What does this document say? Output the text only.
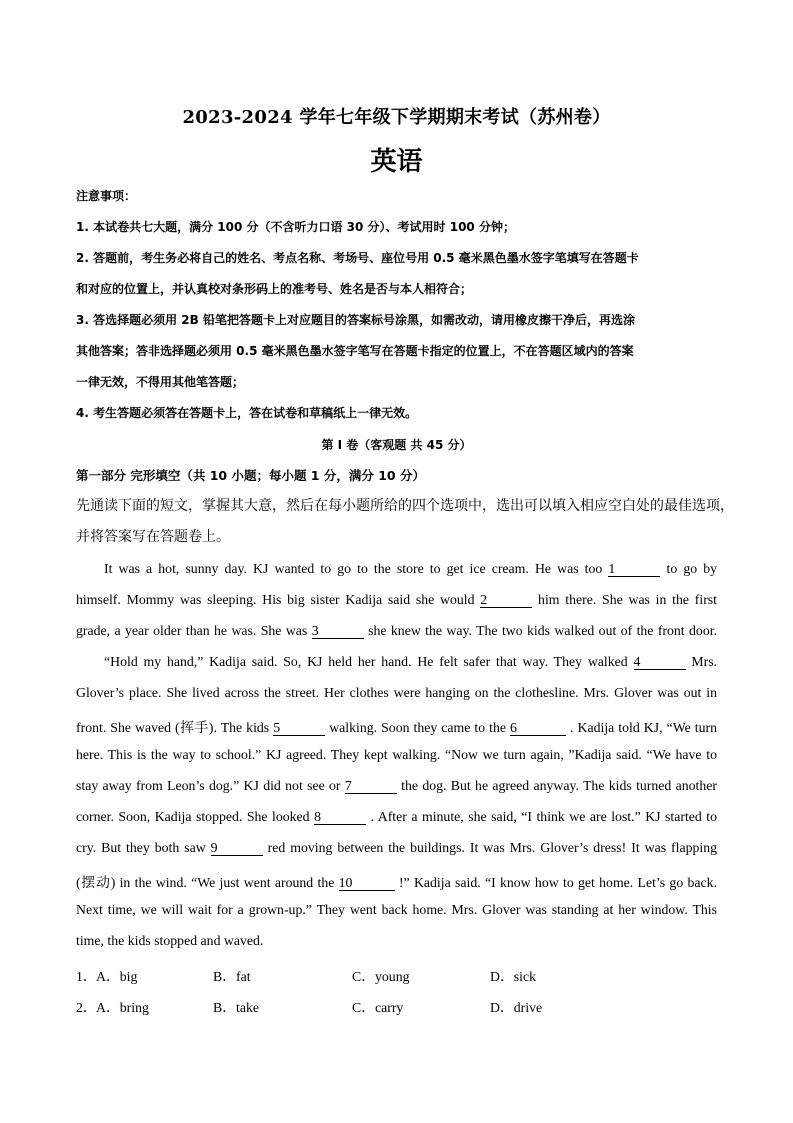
2023-2024 学年七年级下学期期末考试（苏州卷）
英语
注意事项：
1. 本试卷共七大题，满分 100 分（不含听力口语 30 分）、考试用时 100 分钟；
2. 答题前，考生务必将自己的姓名、考点名称、考场号、座位号用 0.5 毫米黑色墨水签字笔填写在答题卡
和对应的位置上，并认真校对条形码上的准考号、姓名是否与本人相符合；
3. 答选择题必须用 2B 铅笔把答题卡上对应题目的答案标号涂黑，如需改动，请用橡皮擦干净后，再选涂
其他答案；答非选择题必须用 0.5 毫米黑色墨水签字笔写在答题卡指定的位置上，不在答题区域内的答案
一律无效，不得用其他笔答题；
4. 考生答题必须答在答题卡上，答在试卷和草稿纸上一律无效。
第 I 卷（客观题 共 45 分）
第一部分 完形填空（共 10 小题；每小题 1 分，满分 10 分）
先通读下面的短文，掌握其大意，然后在每小题所给的四个选项中，选出可以填入相应空白处的最佳选项，
并将答案写在答题卷上。
It was a hot, sunny day. KJ wanted to go to the store to get ice cream. He was too 1	to go by
himself. Mommy was sleeping. His big sister Kadija said she would 2	him there. She was in the first
grade, a year older than he was. She was 3	she knew the way. The two kids walked out of the front door.
“Hold my hand,” Kadija said. So, KJ held her hand. He felt safer that way. They walked 4	Mrs.
Glover’s place. She lived across the street. Her clothes were hanging on the clothesline. Mrs. Glover was out in
front. She waved (挥手). The kids 5	walking. Soon they came to the 6	. Kadija told KJ, “We turn
here. This is the way to school.” KJ agreed. They kept walking. “Now we turn again, ”Kadija said. “We have to
stay away from Leon’s dog.” KJ did not see or 7	the dog. But he agreed anyway. The kids turned another
corner. Soon, Kadija stopped. She looked 8	. After a minute, she said, “I think we are lost.” KJ started to
cry. But they both saw 9	red moving between the buildings. It was Mrs. Glover’s dress! It was flapping
(摆动) in the wind. “We just went around the 10	!” Kadija said. “I know how to get home. Let’s go back.
Next time, we will wait for a grown-up.” They went back home. Mrs. Glover was standing at her window. This
time, the kids stopped and waved.
1． A．big	B．fat	C．young	D．sick
2． A．bring	B．take	C．carry	D．drive
